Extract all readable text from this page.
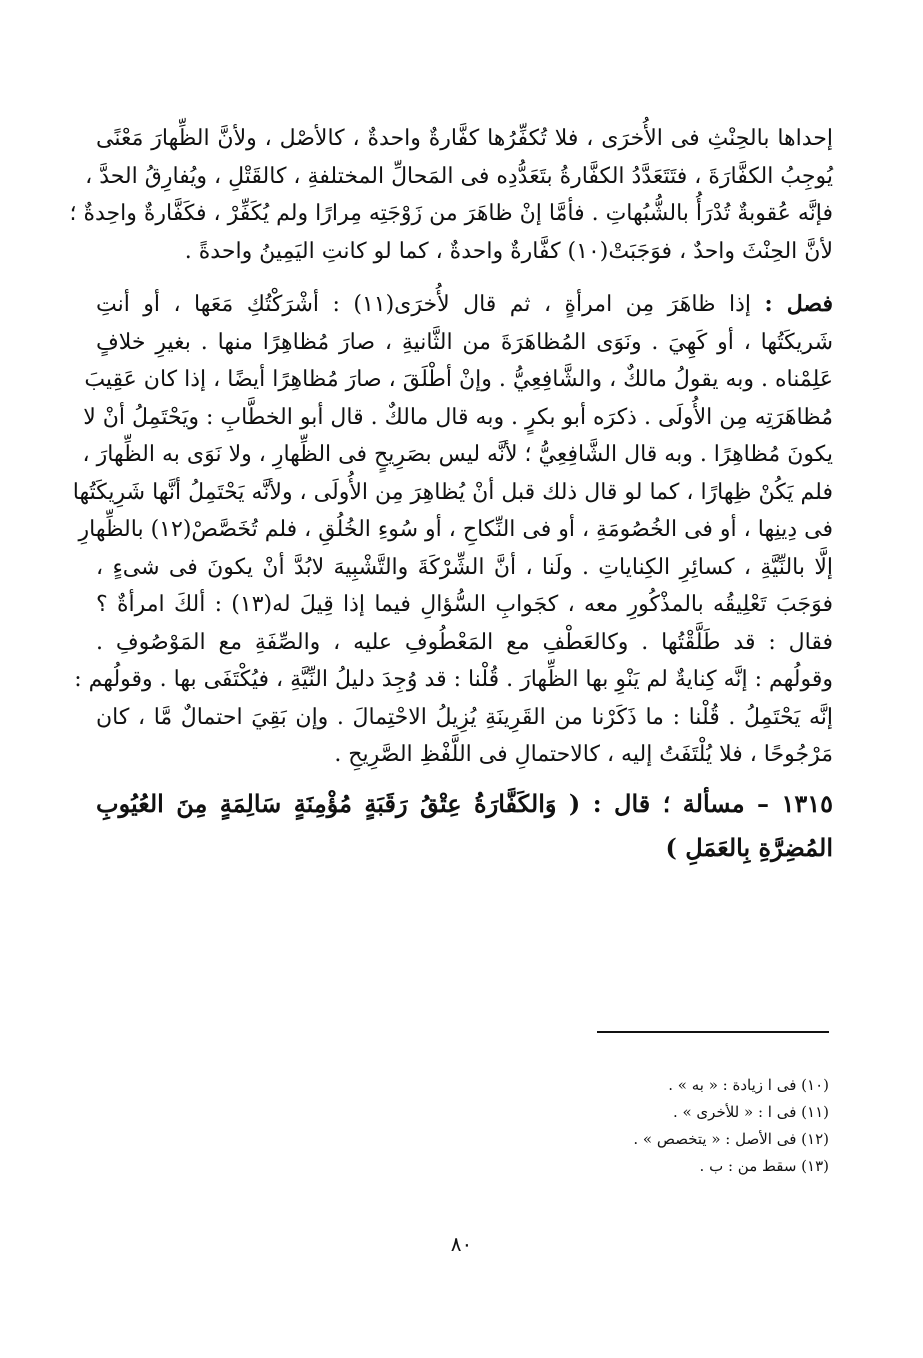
إحداها بالحِنْثِ فى الأُخرَى ، فلا تُكفِّرُها كفَّارةٌ واحدةٌ ، كالأصْل ، ولأنَّ الظِّهارَ مَعْنًى
يُوجِبُ الكفَّارَةَ ، فتَتَعَدَّدُ الكفَّارةُ بتَعَدُّدِه فى المَحالِّ المختلفةِ ، كالقَتْلِ ، ويُفارِقُ الحدَّ ،
فإنَّه عُقوبةٌ تُدْرَأُ بالشُّبُهاتِ . فأمَّا إنْ ظاهَرَ من زَوْجَتِه مِرارًا ولم يُكَفِّرْ ، فكَفَّارةٌ واحِدةٌ ؛
لأنَّ الحِنْثَ واحدٌ ، فوَجَبَتْ(١٠) كفَّارةٌ واحدةٌ ، كما لو كانتِ اليَمِينُ واحدةً .
فصل : إذا ظاهَرَ مِن امرأةٍ ، ثم قال لأُخرَى(١١) : أشْرَكْتُكِ مَعَها ، أو أنتِ
شَريكَتُها ، أو كَهِيَ . ونَوَى المُظاهَرَةَ من الثَّانيةِ ، صارَ مُظاهِرًا منها . بغيرِ خلافٍ
عَلِمْناه . وبه يقولُ مالكٌ ، والشَّافِعِيُّ . وإنْ أطْلَقَ ، صارَ مُظاهِرًا أيضًا ، إذا كان عَقِيبَ
مُظاهَرَتِه مِن الأُولَى . ذكرَه أبو بكرٍ . وبه قال مالكٌ . قال أبو الخطَّابِ : ويَحْتَمِلُ أنْ لا
يكونَ مُظاهِرًا . وبه قال الشَّافِعِيُّ ؛ لأنَّه ليس بصَرِيحٍ فى الظِّهارِ ، ولا نَوَى به الظِّهارَ ،
فلم يَكُنْ ظِهارًا ، كما لو قال ذلك قبل أنْ يُظاهِرَ مِن الأُولَى ، ولأنَّه يَحْتَمِلُ أنَّها شَرِيكَتُها
فى دِينِها ، أو فى الخُصُومَةِ ، أو فى النِّكاحِ ، أو سُوءِ الخُلُقِ ، فلم تُخَصَّصْ(١٢) بالظِّهارِ
إلَّا بالنِّيَّةِ ، كسائِرِ الكِناياتِ . ولَنا ، أنَّ الشِّرْكَةَ والتَّشْبِيهَ لابُدَّ أنْ يكونَ فى شىءٍ ،
فوَجَبَ تَعْلِيقُه بالمذْكُورِ معه ، كجَوابِ السُّؤالِ فيما إذا قِيلَ له(١٣) : ألكَ امرأةٌ ؟
فقال : قد طَلَّقْتُها . وكالعَطْفِ مع المَعْطُوفِ عليه ، والصِّفَةِ مع المَوْصُوفِ .
وقولُهم : إنَّه كِنايةٌ لم يَنْوِ بها الظِّهارَ . قُلْنا : قد وُجِدَ دليلُ النِّيَّةِ ، فيُكْتَفَى بها . وقولُهم :
إنَّه يَحْتَمِلُ . قُلْنا : ما ذَكَرْنا من القَرِينَةِ يُزِيلُ الاحْتِمالَ . وإن بَقِيَ احتمالٌ مَّا ، كان
مَرْجُوحًا ، فلا يُلْتَفَتُ إليه ، كالاحتمالِ فى اللَّفْظِ الصَّرِيحِ .
١٣١٥ – مسألة ؛ قال : ( وَالكَفَّارَةُ عِتْقُ رَقَبَةٍ مُؤْمِنَةٍ سَالِمَةٍ مِنَ العُيُوبِ
المُضِرَّةِ بِالعَمَلِ )
(١٠) فى ا زيادة : « به » .
(١١) فى ا : « للأخرى » .
(١٢) فى الأصل : « يتخصص » .
(١٣) سقط من : ب .
٨٠
